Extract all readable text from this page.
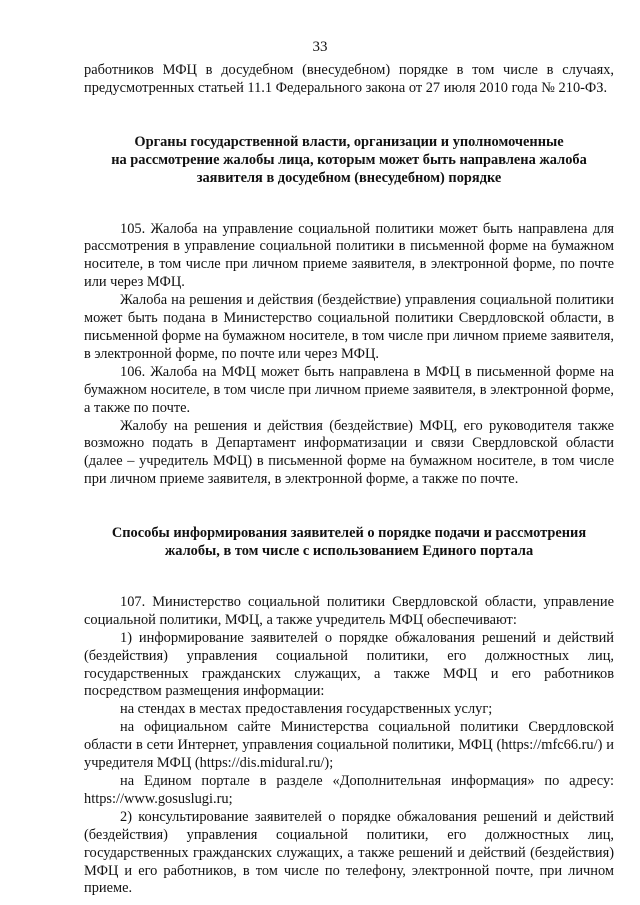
33

работников МФЦ в досудебном (внесудебном) порядке в том числе в случаях, предусмотренных статьей 11.1 Федерального закона от 27 июля 2010 года № 210-ФЗ.

Органы государственной власти, организации и уполномоченные
на рассмотрение жалобы лица, которым может быть направлена жалоба
заявителя в досудебном (внесудебном) порядке

105. Жалоба на управление социальной политики может быть направлена для рассмотрения в управление социальной политики в письменной форме на бумажном носителе, в том числе при личном приеме заявителя, в электронной форме, по почте или через МФЦ.

Жалоба на решения и действия (бездействие) управления социальной политики может быть подана в Министерство социальной политики Свердловской области, в письменной форме на бумажном носителе, в том числе при личном приеме заявителя, в электронной форме, по почте или через МФЦ.

106. Жалоба на МФЦ может быть направлена в МФЦ в письменной форме на бумажном носителе, в том числе при личном приеме заявителя, в электронной форме, а также по почте.

Жалобу на решения и действия (бездействие) МФЦ, его руководителя также возможно подать в Департамент информатизации и связи Свердловской области (далее – учредитель МФЦ) в письменной форме на бумажном носителе, в том числе при личном приеме заявителя, в электронной форме, а также по почте.

Способы информирования заявителей о порядке подачи и рассмотрения
жалобы, в том числе с использованием Единого портала

107. Министерство социальной политики Свердловской области, управление социальной политики, МФЦ, а также учредитель МФЦ обеспечивают:

1) информирование заявителей о порядке обжалования решений и действий (бездействия) управления социальной политики, его должностных лиц, государственных гражданских служащих, а также МФЦ и его работников посредством размещения информации:

на стендах в местах предоставления государственных услуг;

на официальном сайте Министерства социальной политики Свердловской области в сети Интернет, управления социальной политики, МФЦ (https://mfc66.ru/) и учредителя МФЦ (https://dis.midural.ru/);

на Едином портале в разделе «Дополнительная информация» по адресу: https://www.gosuslugi.ru;

2) консультирование заявителей о порядке обжалования решений и действий (бездействия) управления социальной политики, его должностных лиц, государственных гражданских служащих, а также решений и действий (бездействия) МФЦ и его работников, в том числе по телефону, электронной почте, при личном приеме.
